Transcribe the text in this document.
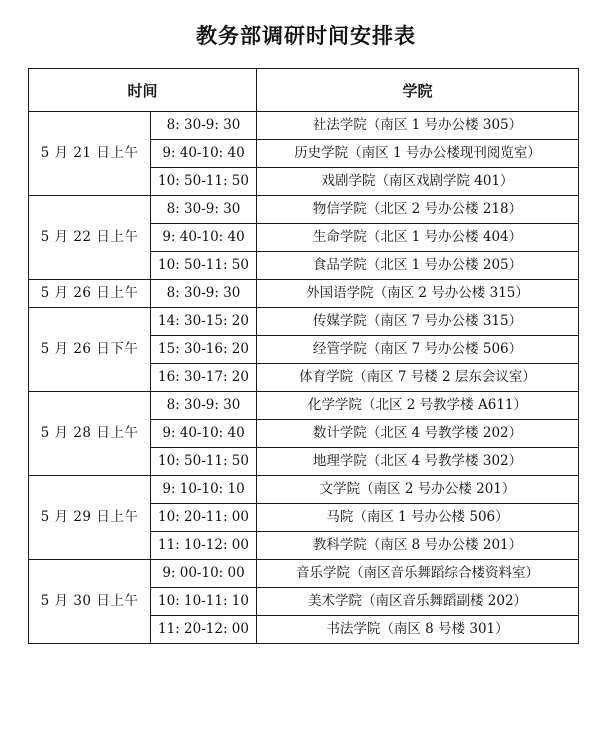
教务部调研时间安排表
时间		学院
5 月 21 日上午	8: 30-9: 30	社法学院（南区 1 号办公楼 305）
	9: 40-10: 40	历史学院（南区 1 号办公楼现刊阅览室）
	10: 50-11: 50	戏剧学院（南区戏剧学院 401）
5 月 22 日上午	8: 30-9: 30	物信学院（北区 2 号办公楼 218）
	9: 40-10: 40	生命学院（北区 1 号办公楼 404）
	10: 50-11: 50	食品学院（北区 1 号办公楼 205）
5 月 26 日上午	8: 30-9: 30	外国语学院（南区 2 号办公楼 315）
5 月 26 日下午	14: 30-15: 20	传媒学院（南区 7 号办公楼 315）
	15: 30-16: 20	经管学院（南区 7 号办公楼 506）
	16: 30-17: 20	体育学院（南区 7 号楼 2 层东会议室）
5 月 28 日上午	8: 30-9: 30	化学学院（北区 2 号教学楼 A611）
	9: 40-10: 40	数计学院（北区 4 号教学楼 202）
	10: 50-11: 50	地理学院（北区 4 号教学楼 302）
5 月 29 日上午	9: 10-10: 10	文学院（南区 2 号办公楼 201）
	10: 20-11: 00	马院（南区 1 号办公楼 506）
	11: 10-12: 00	教科学院（南区 8 号办公楼 201）
5 月 30 日上午	9: 00-10: 00	音乐学院（南区音乐舞蹈综合楼资料室）
	10: 10-11: 10	美术学院（南区音乐舞蹈副楼 202）
	11: 20-12: 00	书法学院（南区 8 号楼 301）
